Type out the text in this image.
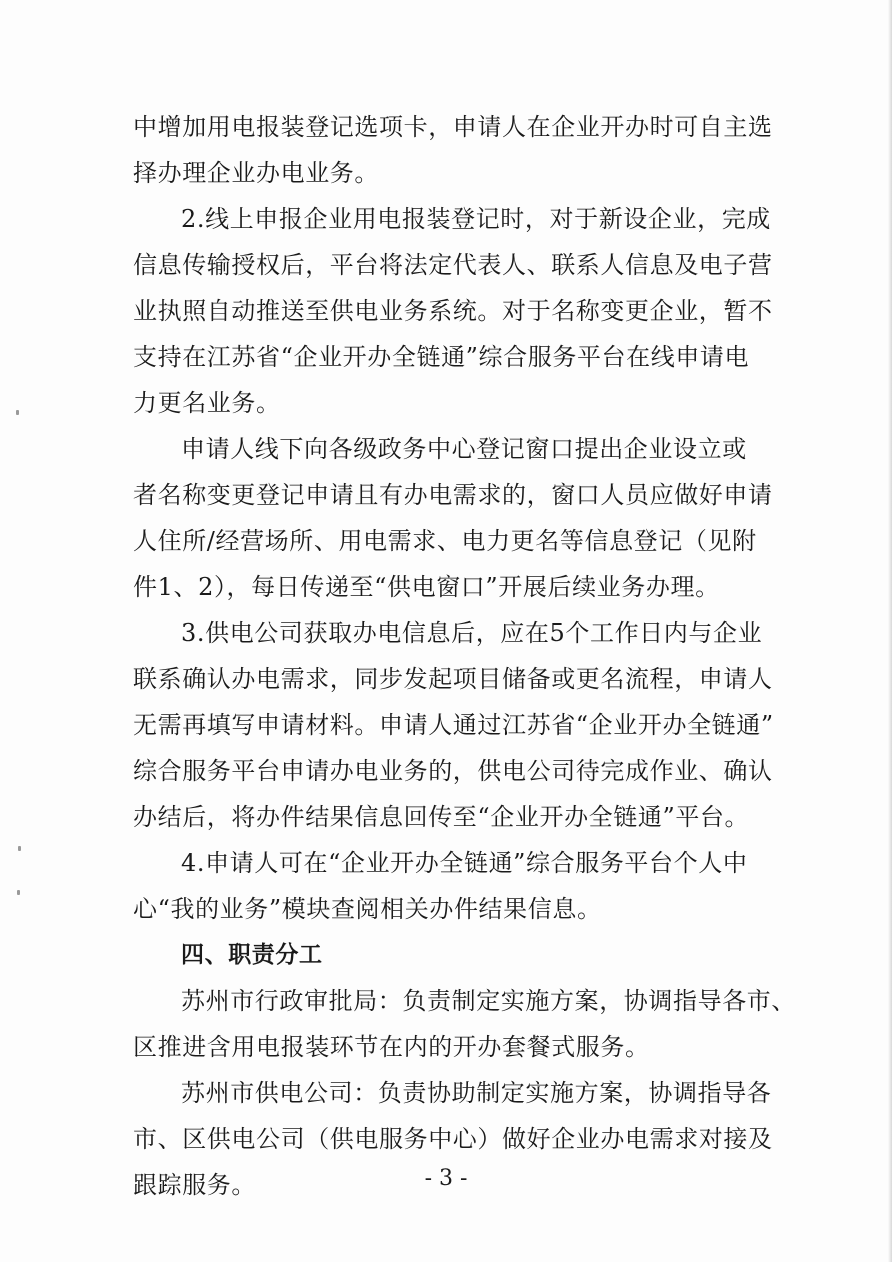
中增加用电报装登记选项卡，申请人在企业开办时可自主选
择办理企业办电业务。
2.线上申报企业用电报装登记时，对于新设企业，完成
信息传输授权后，平台将法定代表人、联系人信息及电子营
业执照自动推送至供电业务系统。对于名称变更企业，暂不
支持在江苏省“企业开办全链通”综合服务平台在线申请电
力更名业务。
申请人线下向各级政务中心登记窗口提出企业设立或
者名称变更登记申请且有办电需求的，窗口人员应做好申请
人住所/经营场所、用电需求、电力更名等信息登记（见附
件1、2），每日传递至“供电窗口”开展后续业务办理。
3.供电公司获取办电信息后，应在5个工作日内与企业
联系确认办电需求，同步发起项目储备或更名流程，申请人
无需再填写申请材料。申请人通过江苏省“企业开办全链通”
综合服务平台申请办电业务的，供电公司待完成作业、确认
办结后，将办件结果信息回传至“企业开办全链通”平台。
4.申请人可在“企业开办全链通”综合服务平台个人中
心“我的业务”模块查阅相关办件结果信息。
四、职责分工
苏州市行政审批局：负责制定实施方案，协调指导各市、
区推进含用电报装环节在内的开办套餐式服务。
苏州市供电公司：负责协助制定实施方案，协调指导各
市、区供电公司（供电服务中心）做好企业办电需求对接及
跟踪服务。	- 3 -
